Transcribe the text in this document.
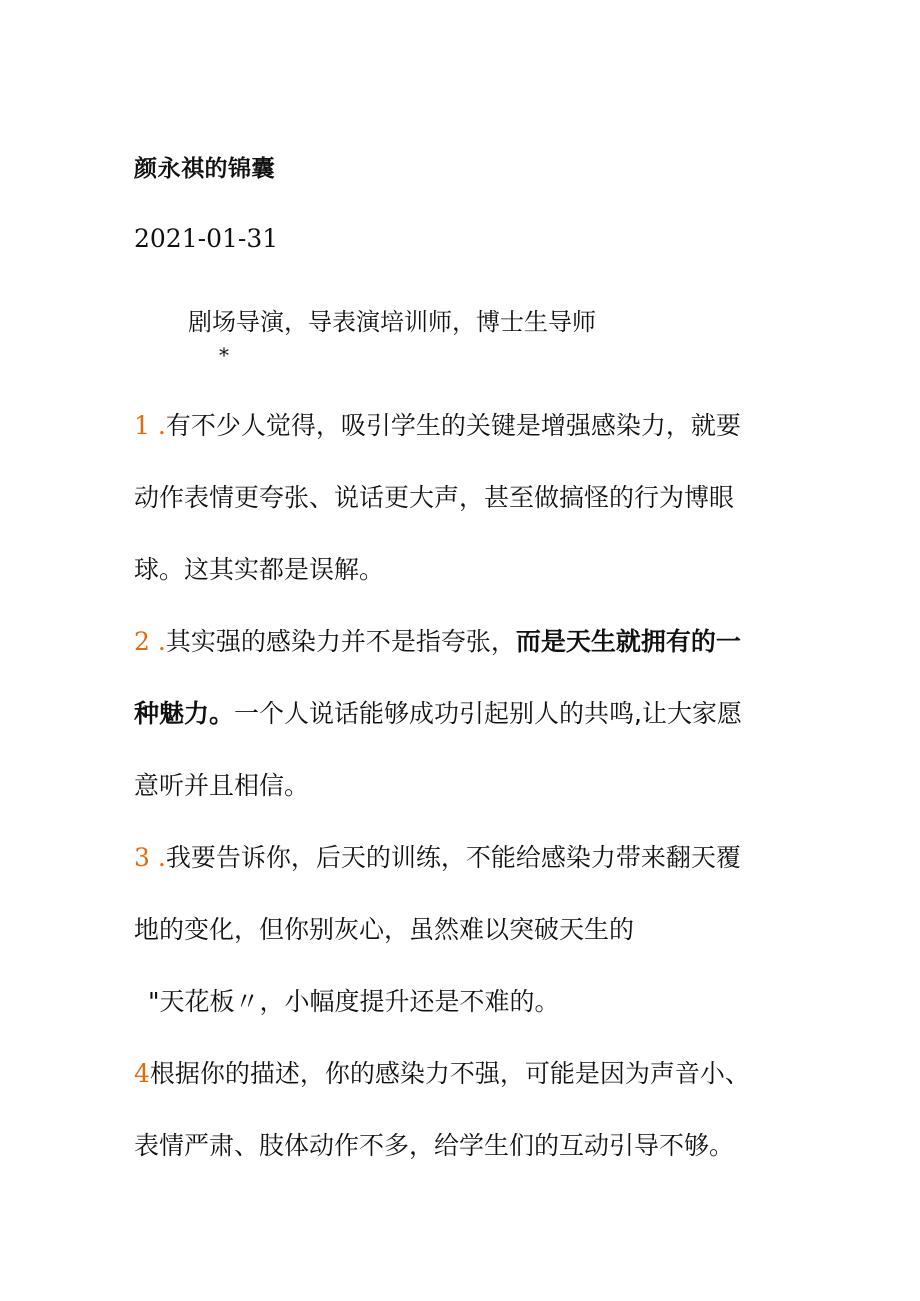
颜永祺的锦囊
2021-01-31
剧场导演，导表演培训师，博士生导师
*
1 .有不少人觉得，吸引学生的关键是增强感染力，就要
动作表情更夸张、说话更大声，甚至做搞怪的行为博眼
球。这其实都是误解。
2 .其实强的感染力并不是指夸张，而是天生就拥有的一
种魅力。一个人说话能够成功引起别人的共鸣,让大家愿
意听并且相信。
3 .我要告诉你，后天的训练，不能给感染力带来翻天覆
地的变化，但你别灰心，虽然难以突破天生的
"天花板〃，小幅度提升还是不难的。
4根据你的描述，你的感染力不强，可能是因为声音小、
表情严肃、肢体动作不多，给学生们的互动引导不够。
